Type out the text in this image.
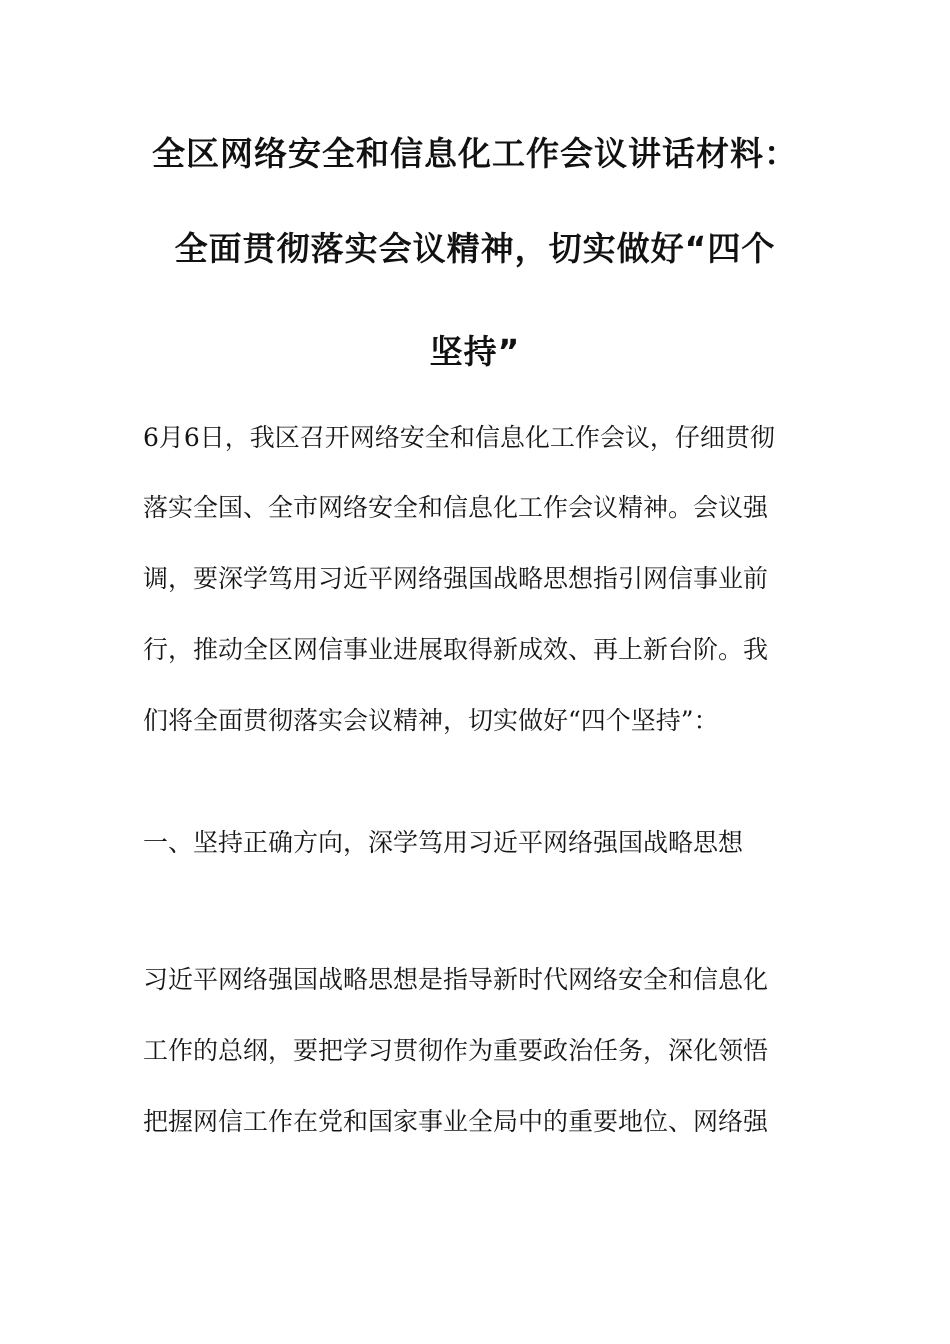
全区网络安全和信息化工作会议讲话材料：
全面贯彻落实会议精神，切实做好“四个
坚持”
6月6日，我区召开网络安全和信息化工作会议，仔细贯彻
落实全国、全市网络安全和信息化工作会议精神。会议强
调，要深学笃用习近平网络强国战略思想指引网信事业前
行，推动全区网信事业进展取得新成效、再上新台阶。我
们将全面贯彻落实会议精神，切实做好“四个坚持”：
一、坚持正确方向，深学笃用习近平网络强国战略思想
习近平网络强国战略思想是指导新时代网络安全和信息化
工作的总纲，要把学习贯彻作为重要政治任务，深化领悟
把握网信工作在党和国家事业全局中的重要地位、网络强
